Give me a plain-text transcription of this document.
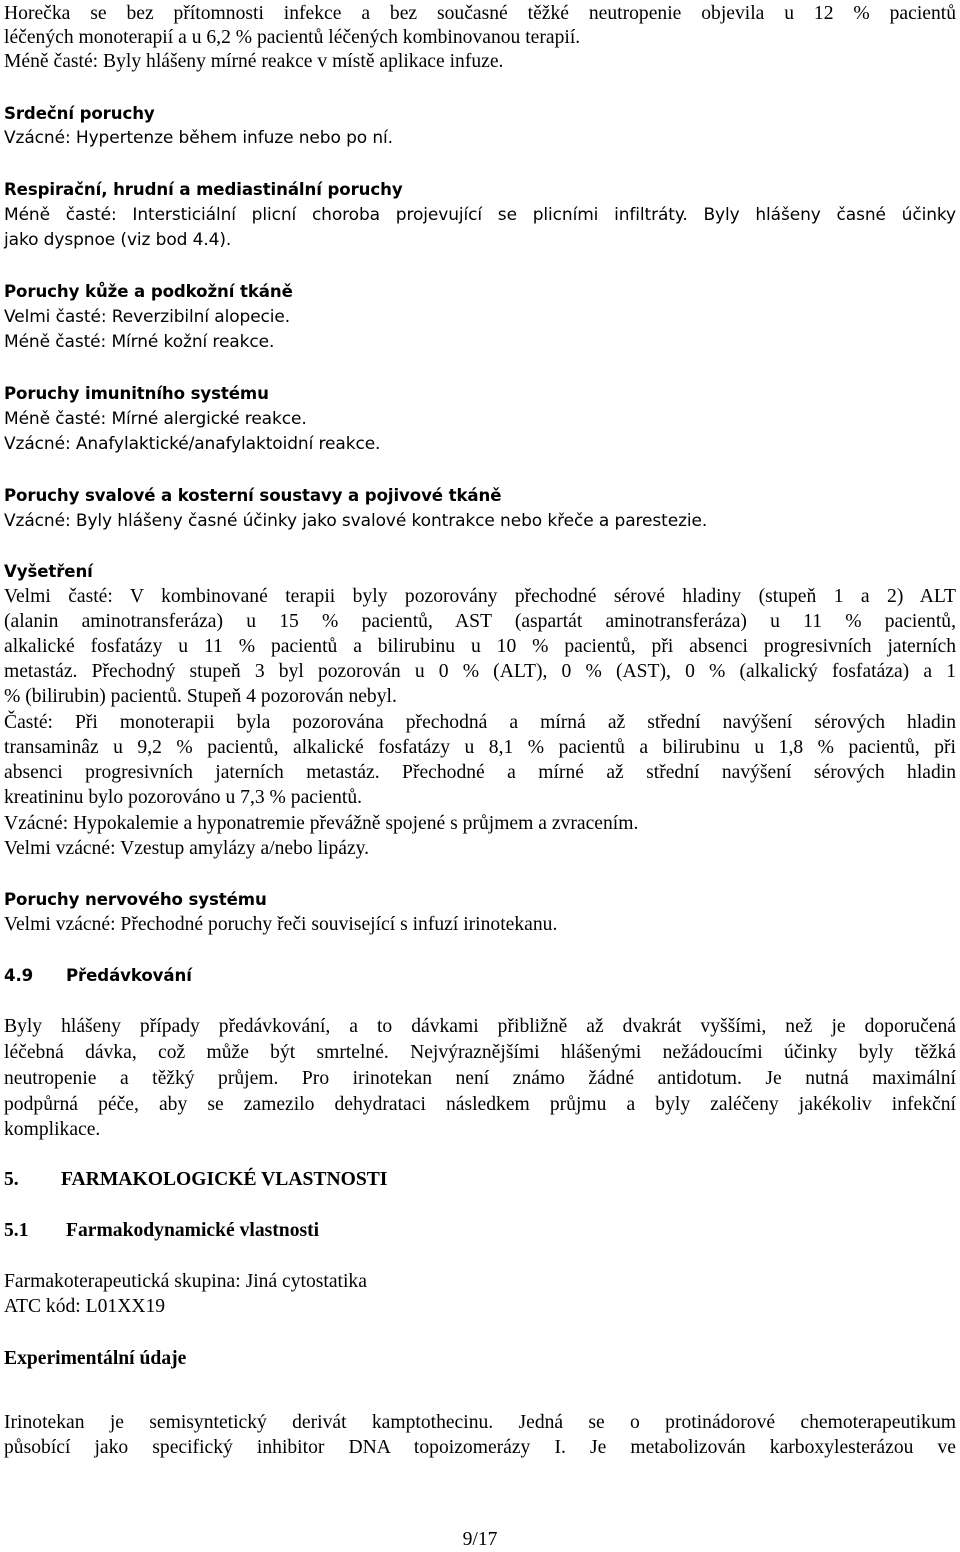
Horečka se bez přítomnosti infekce a bez současné těžké neutropenie objevila u 12 % pacientů
léčených monoterapií a u 6,2 % pacientů léčených kombinovanou terapií.
Méně časté: Byly hlášeny mírné reakce v místě aplikace infuze.
Srdeční poruchy
Vzácné: Hypertenze během infuze nebo po ní.
Respirační, hrudní a mediastinální poruchy
Méně časté: Intersticiální plicní choroba projevující se plicními infiltráty. Byly hlášeny časné účinky
jako dyspnoe (viz bod 4.4).
Poruchy kůže a podkožní tkáně
Velmi časté: Reverzibilní alopecie.
Méně časté: Mírné kožní reakce.
Poruchy imunitního systému
Méně časté: Mírné alergické reakce.
Vzácné: Anafylaktické/anafylaktoidní reakce.
Poruchy svalové a kosterní soustavy a pojivové tkáně
Vzácné: Byly hlášeny časné účinky jako svalové kontrakce nebo křeče a parestezie.
Vyšetření
Velmi časté: V kombinované terapii byly pozorovány přechodné sérové hladiny (stupeň 1 a 2) ALT
(alanin aminotransferáza) u 15 % pacientů, AST (aspartát aminotransferáza) u 11 % pacientů,
alkalické fosfatázy u 11 % pacientů a bilirubinu u 10 % pacientů, při absenci progresivních jaterních
metastáz. Přechodný stupeň 3 byl pozorován u 0 % (ALT), 0 % (AST), 0 % (alkalický fosfatáza) a 1
% (bilirubin) pacientů. Stupeň 4 pozorován nebyl.
Časté: Při monoterapii byla pozorována přechodná a mírná až střední navýšení sérových hladin
transaminâz u 9,2 % pacientů, alkalické fosfatázy u 8,1 % pacientů a bilirubinu u 1,8 % pacientů, při
absenci progresivních jaterních metastáz. Přechodné a mírné až střední navýšení sérových hladin
kreatininu bylo pozorováno u 7,3 % pacientů.
Vzácné: Hypokalemie a hyponatremie převážně spojené s průjmem a zvracením.
Velmi vzácné: Vzestup amylázy a/nebo lipázy.
Poruchy nervového systému
Velmi vzácné: Přechodné poruchy řeči související s infuzí irinotekanu.
4.9 Předávkování
Byly hlášeny případy předávkování, a to dávkami přibližně až dvakrát vyššími, než je doporučená
léčebná dávka, což může být smrtelné. Nejvýraznějšími hlášenými nežádoucími účinky byly těžká
neutropenie a těžký průjem. Pro irinotekan není známo žádné antidotum. Je nutná maximální
podpůrná péče, aby se zamezilo dehydrataci následkem průjmu a byly zaléčeny jakékoliv infekční
komplikace.
5. FARMAKOLOGICKÉ VLASTNOSTI
5.1 Farmakodynamické vlastnosti
Farmakoterapeutická skupina: Jiná cytostatika
ATC kód: L01XX19
Experimentální údaje
Irinotekan je semisyntetický derivát kamptothecinu. Jedná se o protinádorové chemoterapeutikum
působící jako specifický inhibitor DNA topoizomerázy I. Je metabolizován karboxylesterázou ve
9/17
